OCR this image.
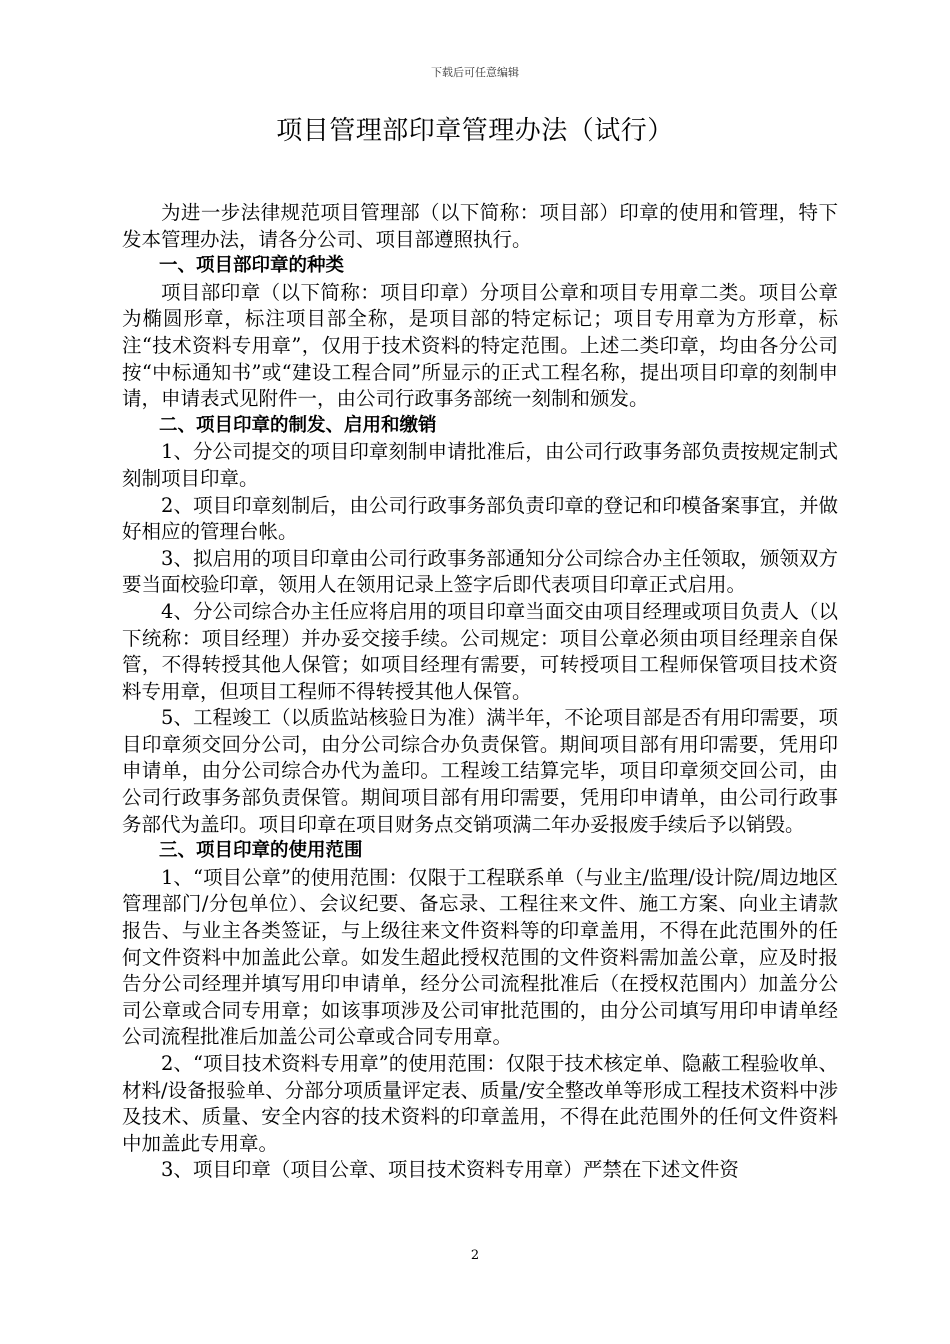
下载后可任意编辑
项目管理部印章管理办法（试行）

为进一步法律规范项目管理部（以下简称：项目部）印章的使用和管理，特下发本管理办法，请各分公司、项目部遵照执行。

一、项目部印章的种类

项目部印章（以下简称：项目印章）分项目公章和项目专用章二类。项目公章为椭圆形章，标注项目部全称，是项目部的特定标记；项目专用章为方形章，标注“技术资料专用章”，仅用于技术资料的特定范围。上述二类印章，均由各分公司按“中标通知书”或“建设工程合同”所显示的正式工程名称，提出项目印章的刻制申请，申请表式见附件一，由公司行政事务部统一刻制和颁发。

二、项目印章的制发、启用和缴销

1、分公司提交的项目印章刻制申请批准后，由公司行政事务部负责按规定制式刻制项目印章。

2、项目印章刻制后，由公司行政事务部负责印章的登记和印模备案事宜，并做好相应的管理台帐。

3、拟启用的项目印章由公司行政事务部通知分公司综合办主任领取，颁领双方要当面校验印章，领用人在领用记录上签字后即代表项目印章正式启用。

4、分公司综合办主任应将启用的项目印章当面交由项目经理或项目负责人（以下统称：项目经理）并办妥交接手续。公司规定：项目公章必须由项目经理亲自保管，不得转授其他人保管；如项目经理有需要，可转授项目工程师保管项目技术资料专用章，但项目工程师不得转授其他人保管。

5、工程竣工（以质监站核验日为准）满半年，不论项目部是否有用印需要，项目印章须交回分公司，由分公司综合办负责保管。期间项目部有用印需要，凭用印申请单，由分公司综合办代为盖印。工程竣工结算完毕，项目印章须交回公司，由公司行政事务部负责保管。期间项目部有用印需要，凭用印申请单，由公司行政事务部代为盖印。项目印章在项目财务点交销项满二年办妥报废手续后予以销毁。

三、项目印章的使用范围

1、“项目公章”的使用范围：仅限于工程联系单（与业主/监理/设计院/周边地区管理部门/分包单位）、会议纪要、备忘录、工程往来文件、施工方案、向业主请款报告、与业主各类签证，与上级往来文件资料等的印章盖用，不得在此范围外的任何文件资料中加盖此公章。如发生超此授权范围的文件资料需加盖公章，应及时报告分公司经理并填写用印申请单，经分公司流程批准后（在授权范围内）加盖分公司公章或合同专用章；如该事项涉及公司审批范围的，由分公司填写用印申请单经公司流程批准后加盖公司公章或合同专用章。

2、“项目技术资料专用章”的使用范围：仅限于技术核定单、隐蔽工程验收单、材料/设备报验单、分部分项质量评定表、质量/安全整改单等形成工程技术资料中涉及技术、质量、安全内容的技术资料的印章盖用，不得在此范围外的任何文件资料中加盖此专用章。

3、项目印章（项目公章、项目技术资料专用章）严禁在下述文件资

2
